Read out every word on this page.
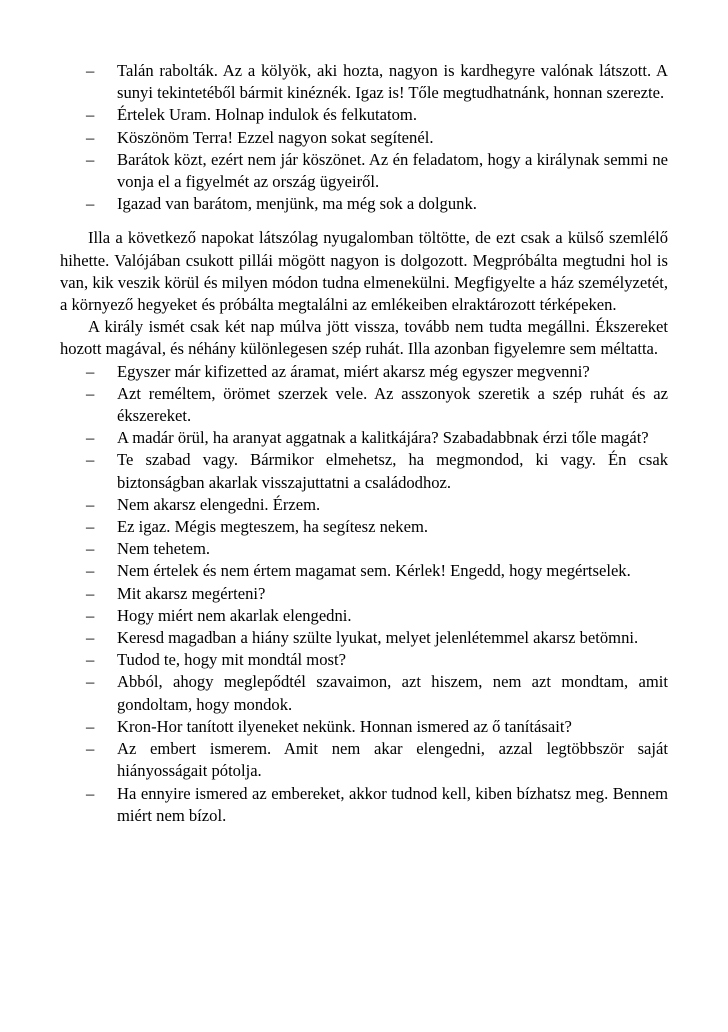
– Talán rabolták. Az a kölyök, aki hozta, nagyon is kardhegyre valónak látszott. A sunyi tekintetéből bármit kinéznék. Igaz is! Tőle megtudhatnánk, honnan szerezte.
– Értelek Uram. Holnap indulok és felkutatom.
– Köszönöm Terra! Ezzel nagyon sokat segítenél.
– Barátok közt, ezért nem jár köszönet. Az én feladatom, hogy a királynak semmi ne vonja el a figyelmét az ország ügyeiről.
– Igazad van barátom, menjünk, ma még sok a dolgunk.

Illa a következő napokat látszólag nyugalomban töltötte, de ezt csak a külső szemlélő hihette. Valójában csukott pillái mögött nagyon is dolgozott. Megpróbálta megtudni hol is van, kik veszik körül és milyen módon tudna elmenekülni. Megfigyelte a ház személyzetét, a környező hegyeket és próbálta megtalálni az emlékeiben elraktározott térképeken.

A király ismét csak két nap múlva jött vissza, tovább nem tudta megállni. Ékszereket hozott magával, és néhány különlegesen szép ruhát. Illa azonban figyelemre sem méltatta.

– Egyszer már kifizetted az áramat, miért akarsz még egyszer megvenni?
– Azt reméltem, örömet szerzek vele. Az asszonyok szeretik a szép ruhát és az ékszereket.
– A madár örül, ha aranyat aggatnak a kalitkájára? Szabadabbnak érzi tőle magát?
– Te szabad vagy. Bármikor elmehetsz, ha megmondod, ki vagy. Én csak biztonságban akarlak visszajuttatni a családodhoz.
– Nem akarsz elengedni. Érzem.
– Ez igaz. Mégis megteszem, ha segítesz nekem.
– Nem tehetem.
– Nem értelek és nem értem magamat sem. Kérlek! Engedd, hogy megértselek.
– Mit akarsz megérteni?
– Hogy miért nem akarlak elengedni.
– Keresd magadban a hiány szülte lyukat, melyet jelenlétemmel akarsz betömni.
– Tudod te, hogy mit mondtál most?
– Abból, ahogy meglepődtél szavaimon, azt hiszem, nem azt mondtam, amit gondoltam, hogy mondok.
– Kron-Hor tanított ilyeneket nekünk. Honnan ismered az ő tanításait?
– Az embert ismerem. Amit nem akar elengedni, azzal legtöbbször saját hiányosságait pótolja.
– Ha ennyire ismered az embereket, akkor tudnod kell, kiben bízhatsz meg. Bennem miért nem bízol.
